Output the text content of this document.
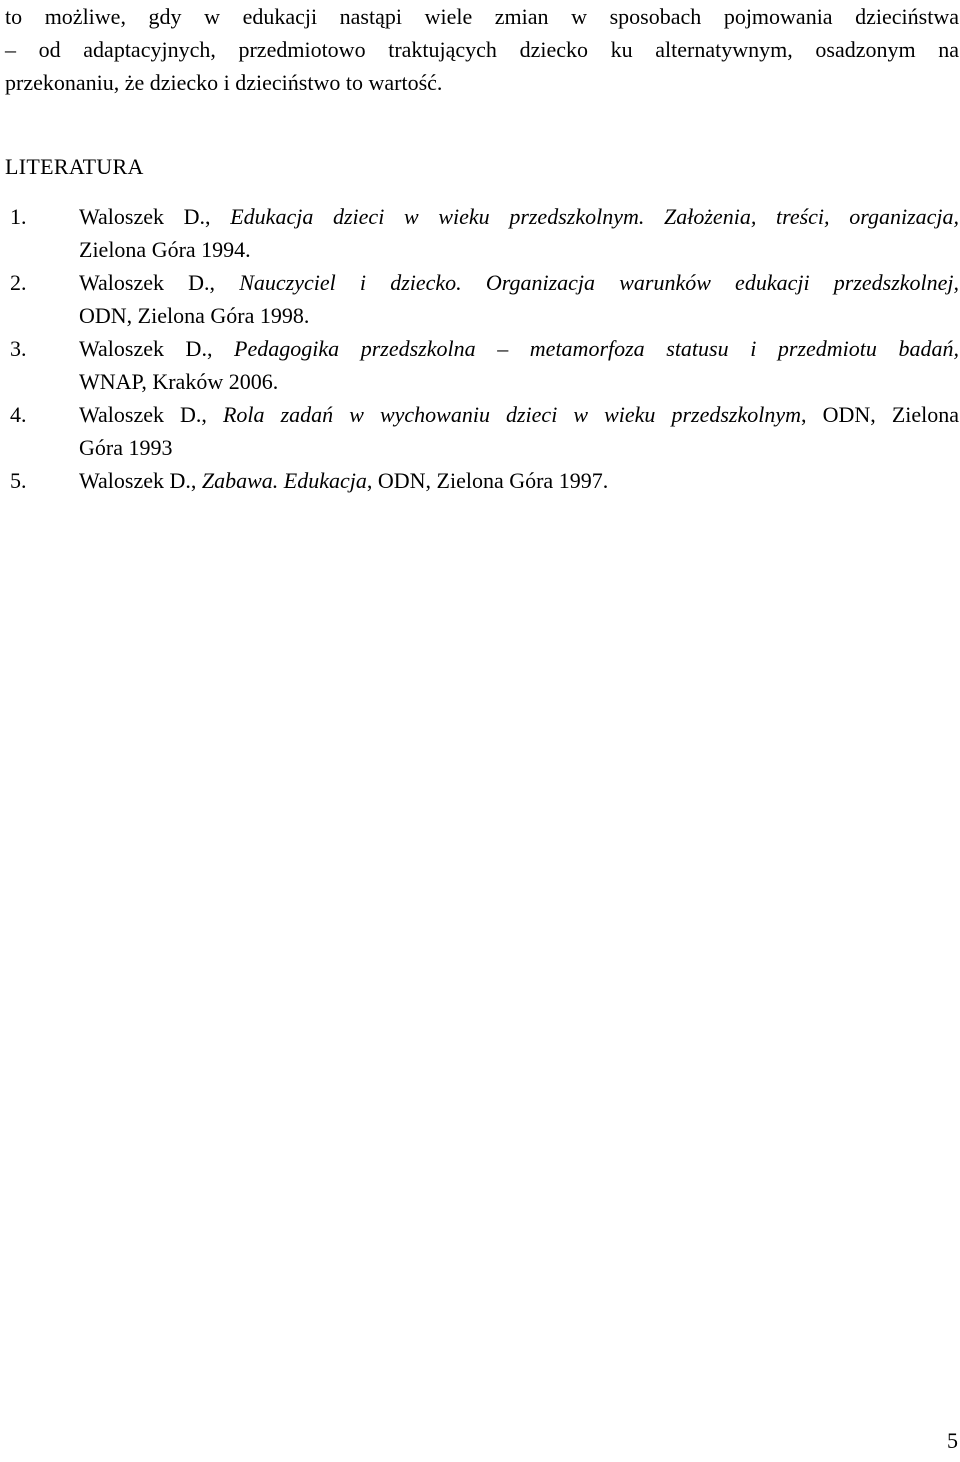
to możliwe, gdy w edukacji nastąpi wiele zmian w sposobach pojmowania dzieciństwa
– od adaptacyjnych, przedmiotowo traktujących dziecko ku alternatywnym, osadzonym na
przekonaniu, że dziecko i dzieciństwo to wartość.
LITERATURA
1. Waloszek D., Edukacja dzieci w wieku przedszkolnym. Założenia, treści, organizacja,
Zielona Góra 1994.
2. Waloszek D., Nauczyciel i dziecko. Organizacja warunków edukacji przedszkolnej,
ODN, Zielona Góra 1998.
3. Waloszek D., Pedagogika przedszkolna – metamorfoza statusu i przedmiotu badań,
WNAP, Kraków 2006.
4. Waloszek D., Rola zadań w wychowaniu dzieci w wieku przedszkolnym, ODN, Zielona
Góra 1993
5. Waloszek D., Zabawa. Edukacja, ODN, Zielona Góra 1997.
5
